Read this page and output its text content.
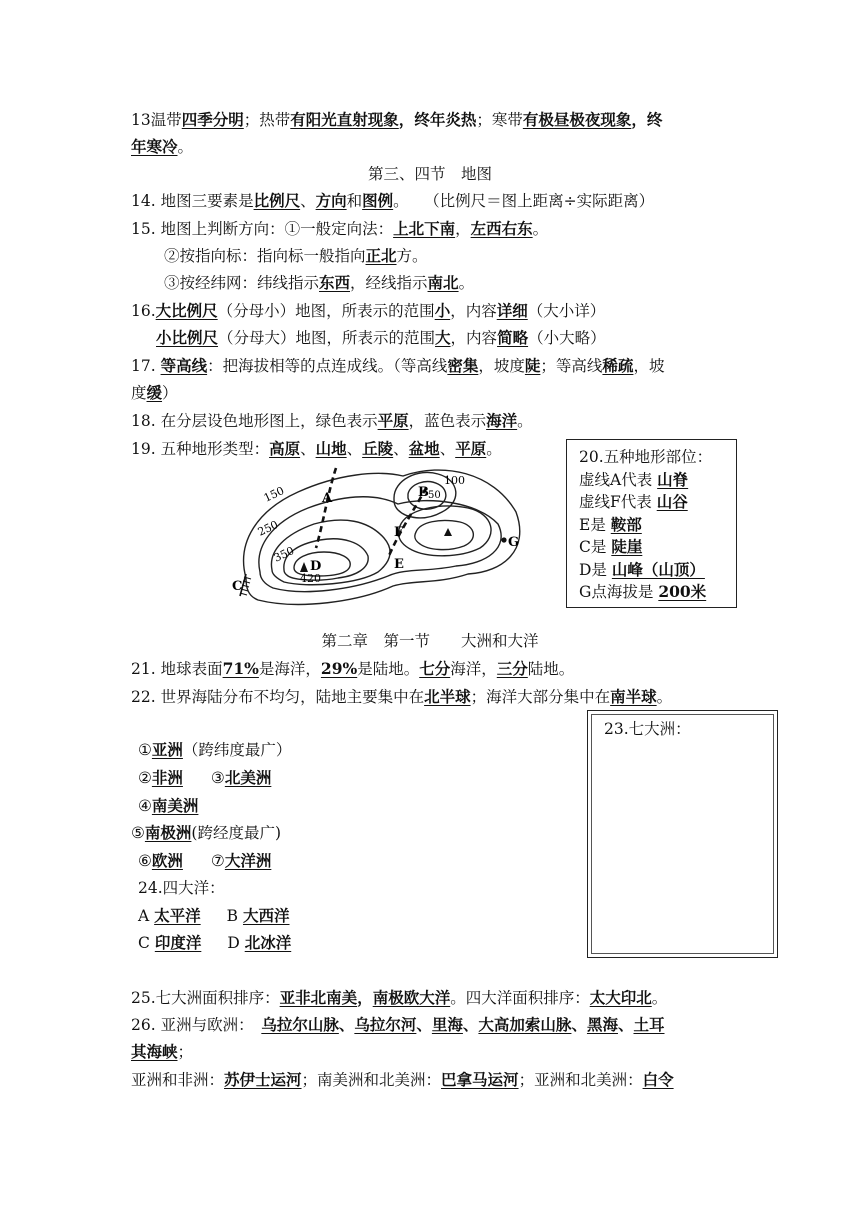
13温带四季分明；热带有阳光直射现象，终年炎热；寒带有极昼极夜现象，终
年寒冷。
第三、四节　地图
14. 地图三要素是比例尺、方向和图例。　　（比例尺＝图上距离÷实际距离）
15. 地图上判断方向：①一般定向法：上北下南，左西右东。
②按指向标：指向标一般指向正北方。
③按经纬网：纬线指示东西，经线指示南北。
16.大比例尺（分母小）地图，所表示的范围小，内容详细（大小详）
小比例尺（分母大）地图，所表示的范围大，内容简略（小大略）
17. 等高线：把海拔相等的点连成线。（等高线密集，坡度陡；等高线稀疏，坡
度缓）
18. 在分层设色地形图上，绿色表示平原，蓝色表示海洋。
19. 五种地形类型：高原、山地、丘陵、盆地、平原。
150
250
350
420
100
50
A	B
C
D	E
F
G
20.五种地形部位：
虚线A代表 山脊
虚线F代表 山谷
E是 鞍部
C是 陡崖
D是 山峰（山顶）
G点海拔是 200米
第二章　第一节　　大洲和大洋
21. 地球表面71%是海洋，29%是陆地。七分海洋，三分陆地。
22. 世界海陆分布不均匀，陆地主要集中在北半球；海洋大部分集中在南半球。
23.七大洲：
①亚洲（跨纬度最广）
②非洲 ③北美洲
④南美洲
⑤南极洲(跨经度最广)
⑥欧洲 ⑦大洋洲
24.四大洋：
A 太平洋 B 大西洋
C 印度洋 D 北冰洋
25.七大洲面积排序：亚非北南美，南极欧大洋。四大洋面积排序：太大印北。
26. 亚洲与欧洲：　乌拉尔山脉、乌拉尔河、里海、大高加索山脉、黑海、土耳
其海峡；
亚洲和非洲：苏伊士运河；南美洲和北美洲：巴拿马运河；亚洲和北美洲：白令
